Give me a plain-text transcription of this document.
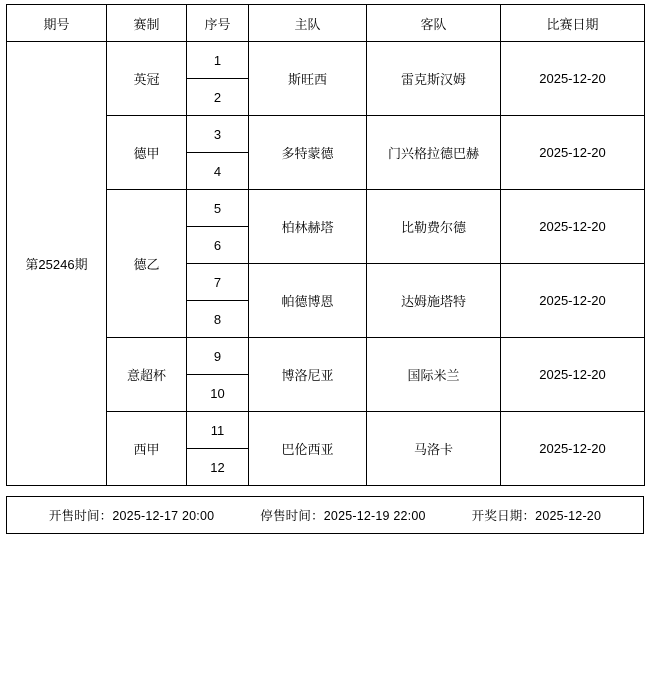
期号	赛制	序号	主队	客队	比赛日期
第25246期	英冠	1	斯旺西	雷克斯汉姆	2025-12-20
		2			
	德甲	3	多特蒙德	门兴格拉德巴赫	2025-12-20
		4			
	德乙	5	柏林赫塔	比勒费尔德	2025-12-20
		6			
		7	帕德博恩	达姆施塔特	2025-12-20
		8			
	意超杯	9	博洛尼亚	国际米兰	2025-12-20
		10			
	西甲	11	巴伦西亚	马洛卡	2025-12-20
		12			
开售时间：2025-12-17 20:00	停售时间：2025-12-19 22:00	开奖日期：2025-12-20
